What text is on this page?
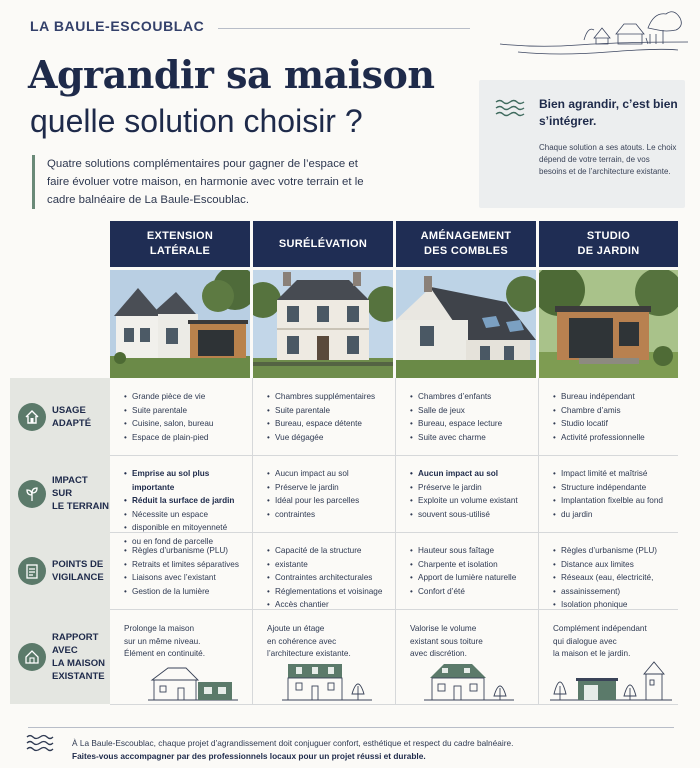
LA BAULE-ESCOUBLAC
Agrandir sa maison
quelle solution choisir ?
Quatre solutions complémentaires pour gagner de l’espace et faire évoluer votre maison, en harmonie avec votre terrain et le cadre balnéaire de La Baule-Escoublac.
Bien agrandir, c’est bien s’intégrer.
Chaque solution a ses atouts. Le choix dépend de votre terrain, de vos besoins et de l’architecture existante.
EXTENSION
LATÉRALE
SURÉLÉVATION
AMÉNAGEMENT
DES COMBLES
STUDIO
DE JARDIN
USAGE
ADAPTÉ
IMPACT SUR
LE TERRAIN
POINTS DE
VIGILANCE
RAPPORT AVEC
LA MAISON
EXISTANTE
• Grande pièce de vie
• Suite parentale
• Cuisine, salon, bureau
• Espace de plain-pied
• Chambres supplémentaires
• Suite parentale
• Bureau, espace détente
• Vue dégagée
• Chambres d’enfants
• Salle de jeux
• Bureau, espace lecture
• Suite avec charme
• Bureau indépendant
• Chambre d’amis
• Studio locatif
• Activité professionnelle
• Emprise au sol plus importante
• Réduit la surface de jardin
• Nécessite un espace
• disponible en mitoyenneté
• ou en fond de parcelle
• Aucun impact au sol
• Préserve le jardin
• Idéal pour les parcelles
• contraintes
• Aucun impact au sol
• Préserve le jardin
• Exploite un volume existant
• souvent sous-utilisé
• Impact limité et maîtrisé
• Structure indépendante
• Implantation fixelble au fond
• du jardin
• Règles d’urbanisme (PLU)
• Retraits et limites séparatives
• Liaisons avec l’existant
• Gestion de la lumière
• Capacité de la structure
• existante
• Contraintes architecturales
• Réglementations et voisinage
• Accès chantier
• Hauteur sous faîtage
• Charpente et isolation
• Apport de lumière naturelle
• Confort d’été
• Règles d’urbanisme (PLU)
• Distance aux limites
• Réseaux (eau, électricité,
• assainissement)
• Isolation phonique
Prolonge la maison
sur un même niveau.
Élément en continuité.
Ajoute un étage
en cohérence avec
l’architecture existante.
Valorise le volume
existant sous toiture
avec discrétion.
Complément indépendant
qui dialogue avec
la maison et le jardin.
À La Baule-Escoublac, chaque projet d’agrandissement doit conjuguer confort, esthétique et respect du cadre balnéaire.
Faites-vous accompagner par des professionnels locaux pour un projet réussi et durable.
